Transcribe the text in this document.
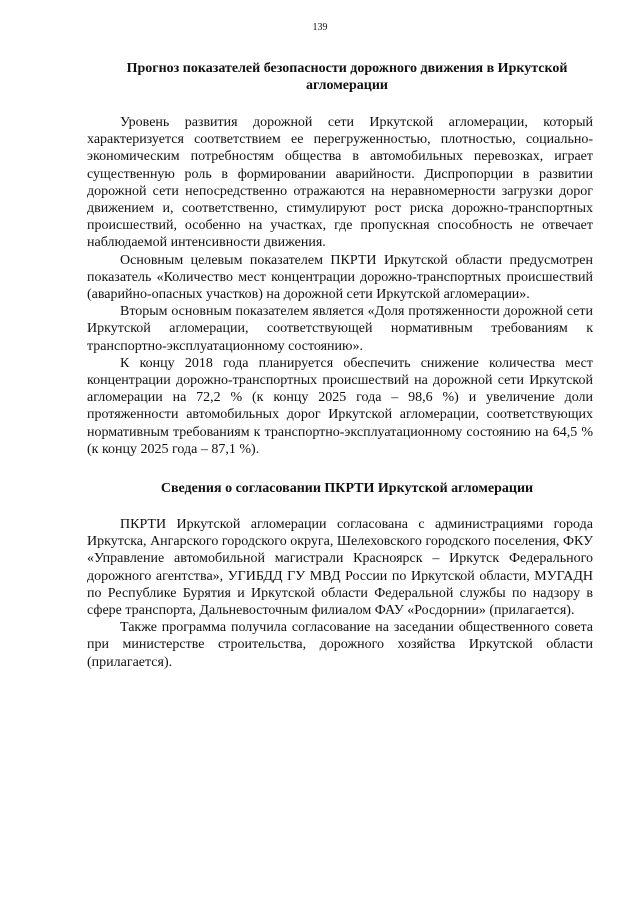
139
Прогноз показателей безопасности дорожного движения в Иркутской агломерации

Уровень развития дорожной сети Иркутской агломерации, который характеризуется соответствием ее перегруженностью, плотностью, социально-экономическим потребностям общества в автомобильных перевозках, играет существенную роль в формировании аварийности. Диспропорции в развитии дорожной сети непосредственно отражаются на неравномерности загрузки дорог движением и, соответственно, стимулируют рост риска дорожно-транспортных происшествий, особенно на участках, где пропускная способность не отвечает наблюдаемой интенсивности движения.

Основным целевым показателем ПКРТИ Иркутской области предусмотрен показатель «Количество мест концентрации дорожно-транспортных происшествий (аварийно-опасных участков) на дорожной сети Иркутской агломерации».

Вторым основным показателем является «Доля протяженности дорожной сети Иркутской агломерации, соответствующей нормативным требованиям к транспортно-эксплуатационному состоянию».

К концу 2018 года планируется обеспечить снижение количества мест концентрации дорожно-транспортных происшествий на дорожной сети Иркутской агломерации на 72,2 % (к концу 2025 года – 98,6 %) и увеличение доли протяженности автомобильных дорог Иркутской агломерации, соответствующих нормативным требованиям к транспортно-эксплуатационному состоянию на 64,5 % (к концу 2025 года – 87,1 %).

Сведения о согласовании ПКРТИ Иркутской агломерации

ПКРТИ Иркутской агломерации согласована с администрациями города Иркутска, Ангарского городского округа, Шелеховского городского поселения, ФКУ «Управление автомобильной магистрали Красноярск – Иркутск Федерального дорожного агентства», УГИБДД ГУ МВД России по Иркутской области, МУГАДН по Республике Бурятия и Иркутской области Федеральной службы по надзору в сфере транспорта, Дальневосточным филиалом ФАУ «Росдорнии» (прилагается).

Также программа получила согласование на заседании общественного совета при министерстве строительства, дорожного хозяйства Иркутской области (прилагается).
